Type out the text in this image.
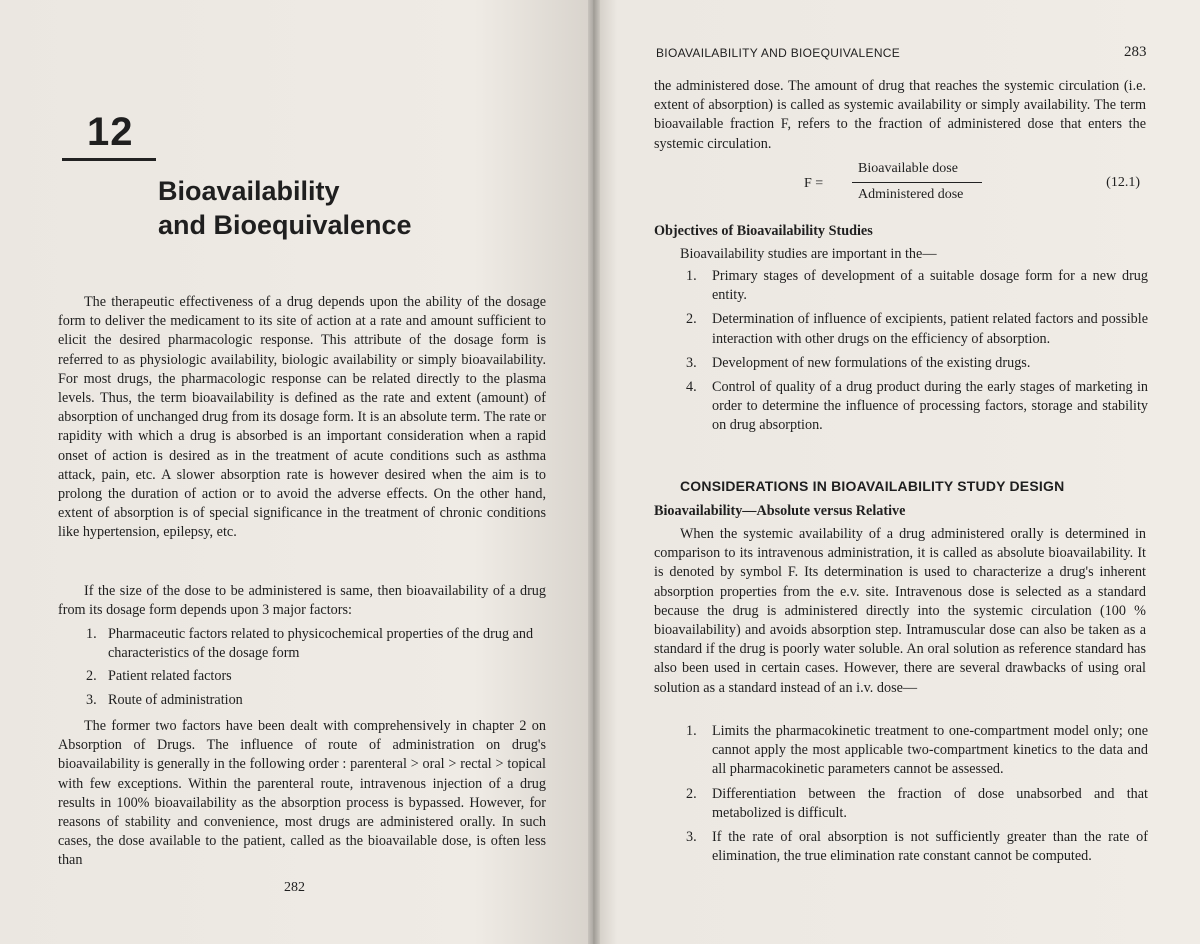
12
Bioavailability
and Bioequivalence
The therapeutic effectiveness of a drug depends upon the ability of the dosage form to deliver the medicament to its site of action at a rate and amount sufficient to elicit the desired pharmacologic response. This attribute of the dosage form is referred to as physiologic availability, biologic availability or simply bioavailability. For most drugs, the pharmacologic response can be related directly to the plasma levels. Thus, the term bioavailability is defined as the rate and extent (amount) of absorption of unchanged drug from its dosage form. It is an absolute term. The rate or rapidity with which a drug is absorbed is an important consideration when a rapid onset of action is desired as in the treatment of acute conditions such as asthma attack, pain, etc. A slower absorption rate is however desired when the aim is to prolong the duration of action or to avoid the adverse effects. On the other hand, extent of absorption is of special significance in the treatment of chronic conditions like hypertension, epilepsy, etc.
If the size of the dose to be administered is same, then bioavailability of a drug from its dosage form depends upon 3 major factors:
1. Pharmaceutic factors related to physicochemical properties of the drug and characteristics of the dosage form
2. Patient related factors
3. Route of administration
The former two factors have been dealt with comprehensively in chapter 2 on Absorption of Drugs. The influence of route of administration on drug's bioavailability is generally in the following order : parenteral > oral > rectal > topical with few exceptions. Within the parenteral route, intravenous injection of a drug results in 100% bioavailability as the absorption process is bypassed. However, for reasons of stability and convenience, most drugs are administered orally. In such cases, the dose available to the patient, called as the bioavailable dose, is often less than
282
BIOAVAILABILITY AND BIOEQUIVALENCE	283
the administered dose. The amount of drug that reaches the systemic circulation (i.e. extent of absorption) is called as systemic availability or simply availability. The term bioavailable fraction F, refers to the fraction of administered dose that enters the systemic circulation.
F =
Bioavailable dose
Administered dose
(12.1)
Objectives of Bioavailability Studies
Bioavailability studies are important in the—
1.	Primary stages of development of a suitable dosage form for a new drug entity.
2.	Determination of influence of excipients, patient related factors and possible interaction with other drugs on the efficiency of absorption.
3.	Development of new formulations of the existing drugs.
4.	Control of quality of a drug product during the early stages of marketing in order to determine the influence of processing factors, storage and stability on drug absorption.
CONSIDERATIONS IN BIOAVAILABILITY STUDY DESIGN
Bioavailability—Absolute versus Relative
When the systemic availability of a drug administered orally is determined in comparison to its intravenous administration, it is called as absolute bioavailability. It is denoted by symbol F. Its determination is used to characterize a drug's inherent absorption properties from the e.v. site. Intravenous dose is selected as a standard because the drug is administered directly into the systemic circulation (100 % bioavailability) and avoids absorption step. Intramuscular dose can also be taken as a standard if the drug is poorly water soluble. An oral solution as reference standard has also been used in certain cases. However, there are several drawbacks of using oral solution as a standard instead of an i.v. dose—
1.	Limits the pharmacokinetic treatment to one-compartment model only; one cannot apply the most applicable two-compartment kinetics to the data and all pharmacokinetic parameters cannot be assessed.
2.	Differentiation between the fraction of dose unabsorbed and that metabolized is difficult.
3.	If the rate of oral absorption is not sufficiently greater than the rate of elimination, the true elimination rate constant cannot be computed.
